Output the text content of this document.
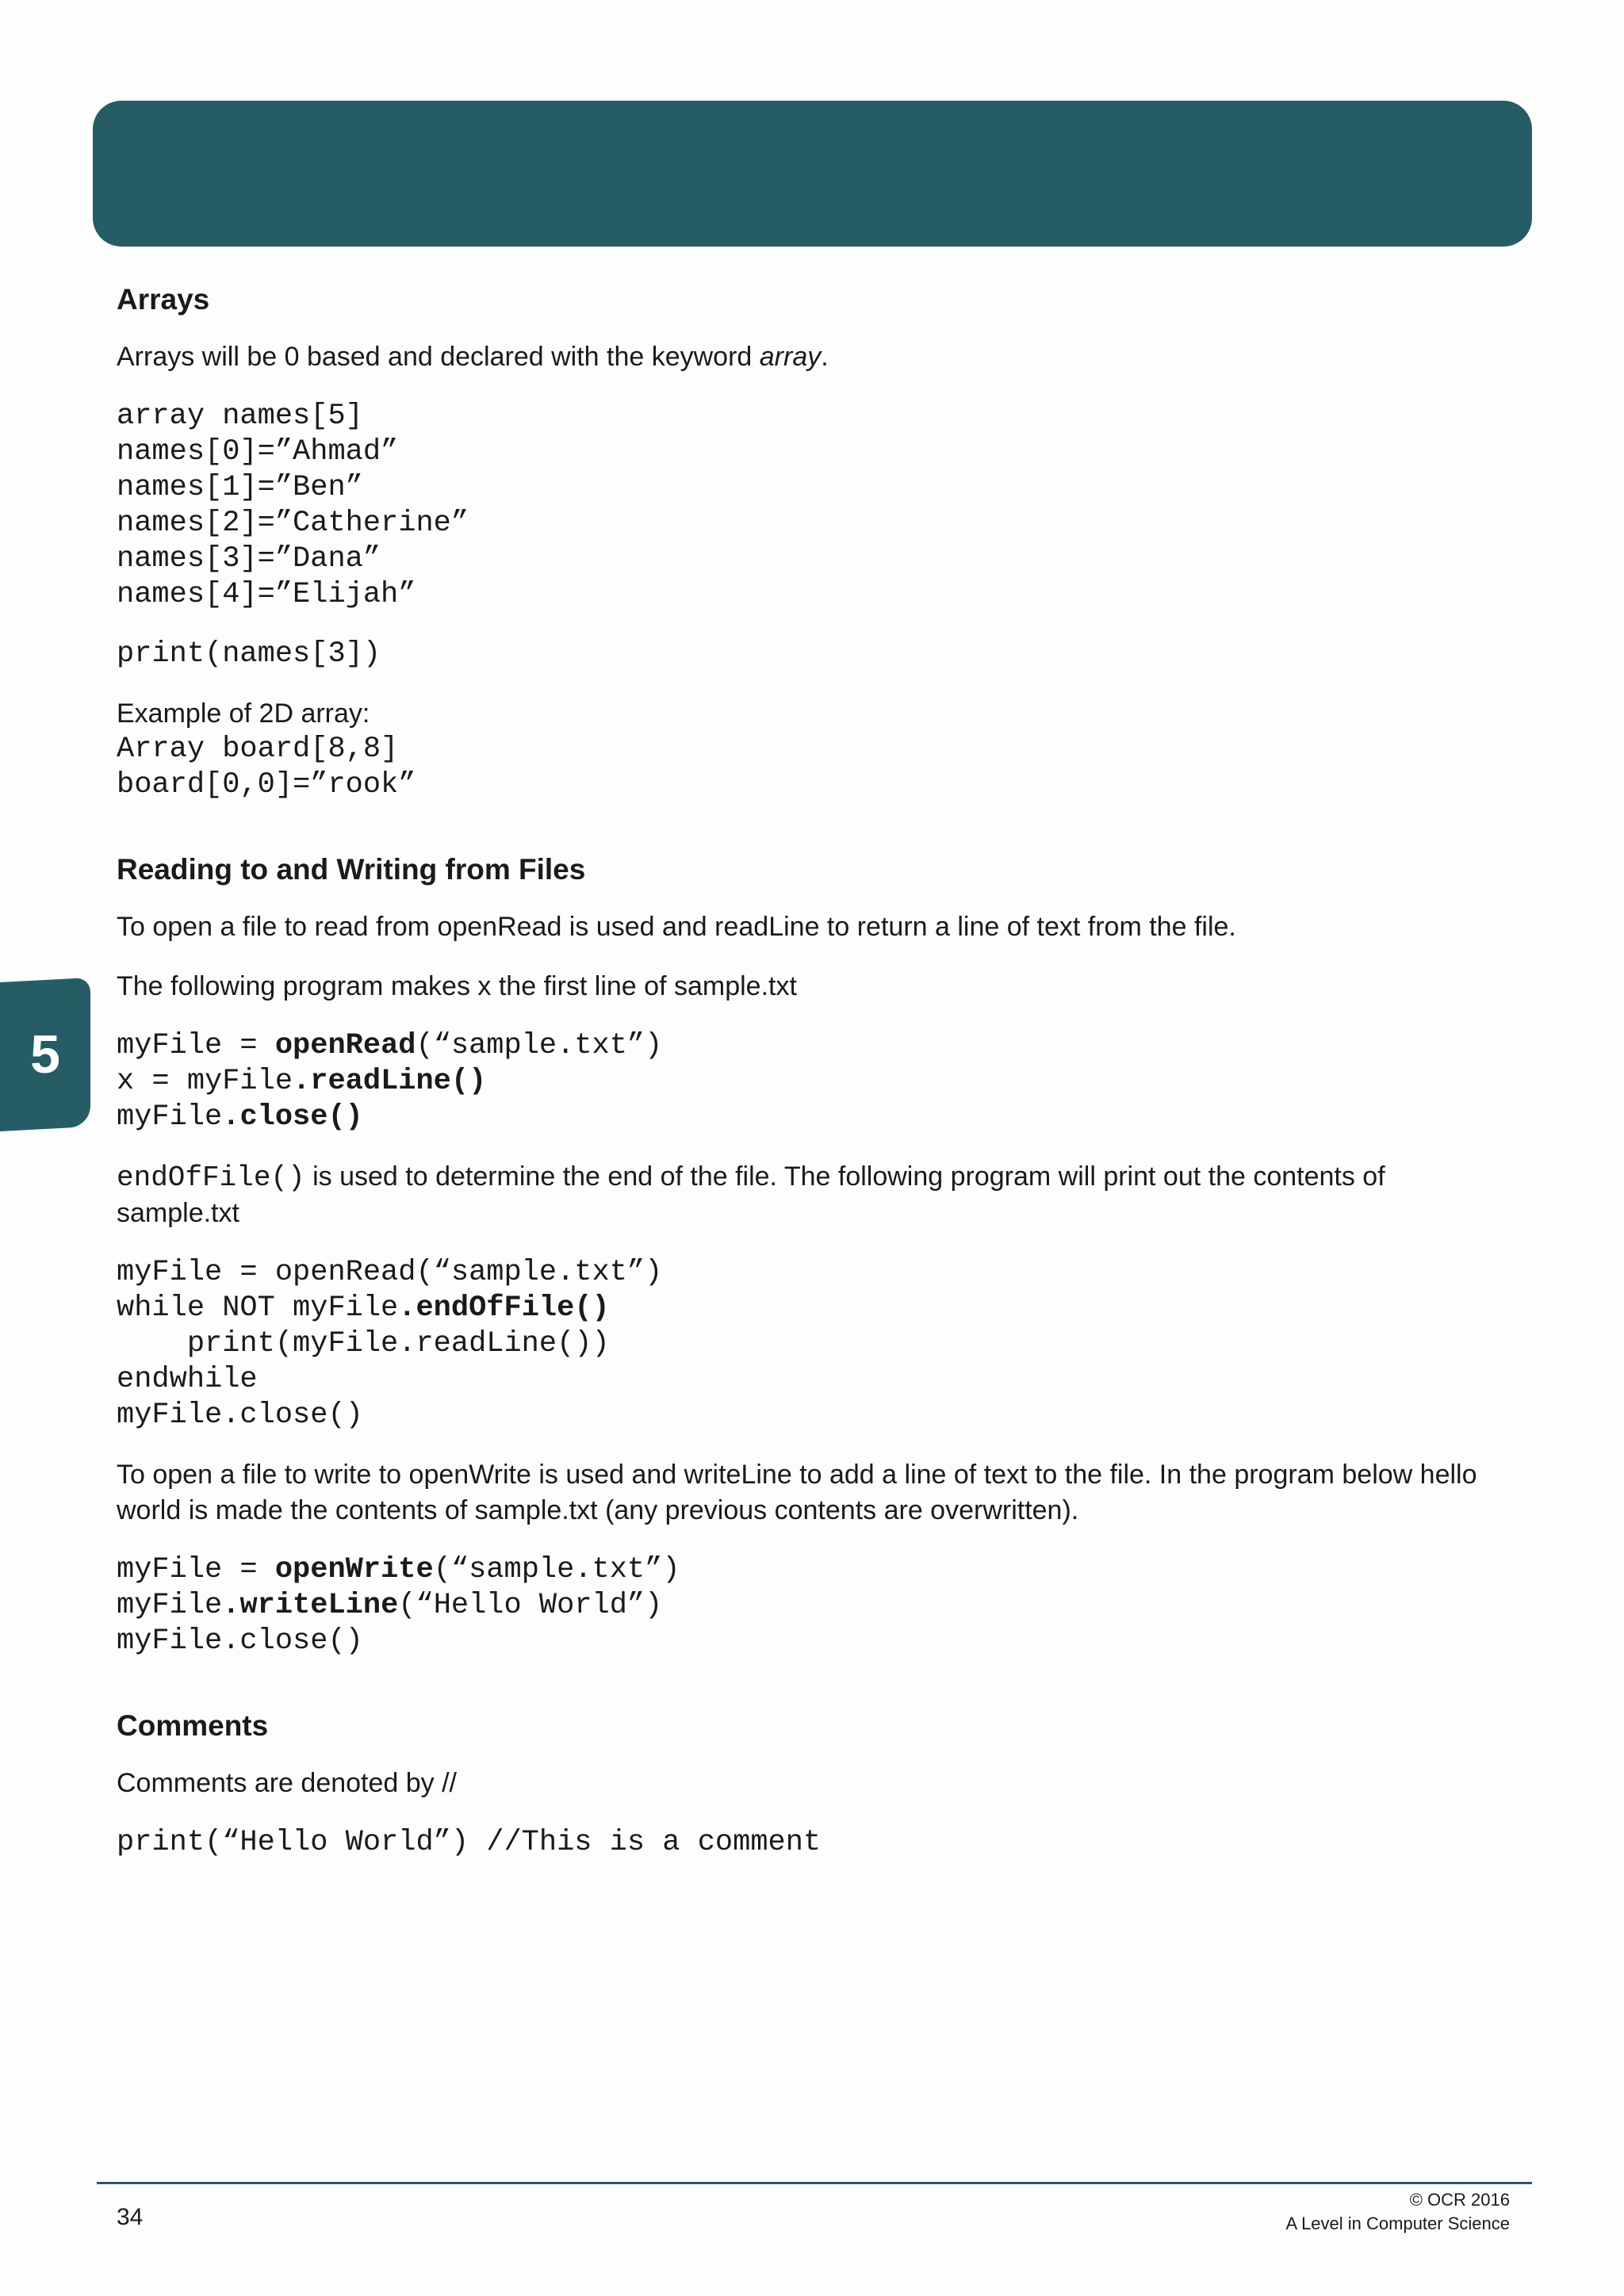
5
Arrays

Arrays will be 0 based and declared with the keyword array.

array names[5]
names[0]=”Ahmad”
names[1]=”Ben”
names[2]=”Catherine”
names[3]=”Dana”
names[4]=”Elijah”
print(names[3])

Example of 2D array:

Array board[8,8]
board[0,0]=”rook”
Reading to and Writing from Files

To open a file to read from openRead is used and readLine to return a line of text from the file.

The following program makes x the first line of sample.txt

myFile = openRead(“sample.txt”)
x = myFile.readLine()
myFile.close()

endOfFile() is used to determine the end of the file. The following program will print out the contents of sample.txt

myFile = openRead(“sample.txt”)
while NOT myFile.endOfFile()
print(myFile.readLine())
endwhile
myFile.close()

To open a file to write to openWrite is used and writeLine to add a line of text to the file. In the program below hello world is made the contents of sample.txt (any previous contents are overwritten).

myFile = openWrite(“sample.txt”)
myFile.writeLine(“Hello World”)
myFile.close()
Comments

Comments are denoted by //

print(“Hello World”) //This is a comment
34
© OCR 2016
A Level in Computer Science
